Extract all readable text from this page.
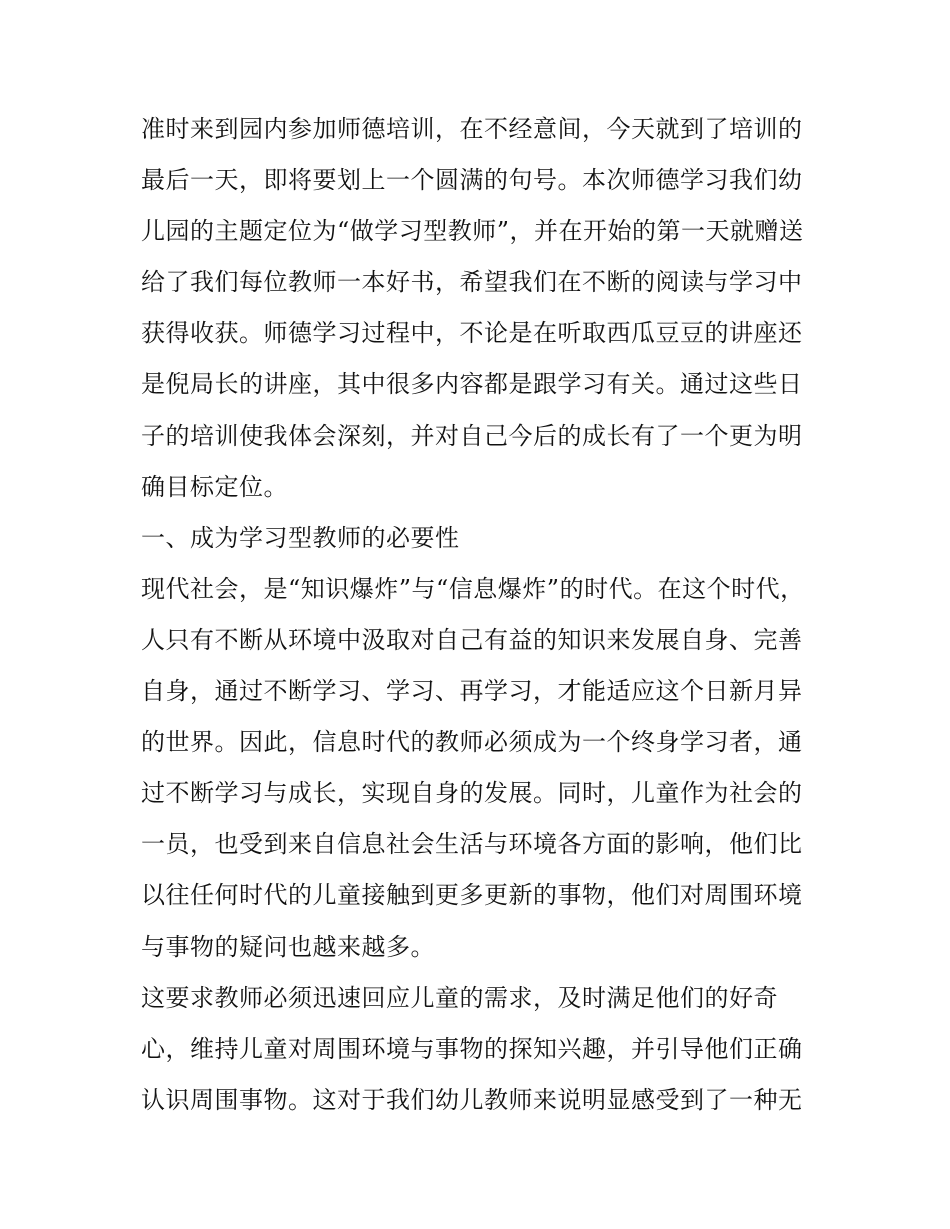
准时来到园内参加师德培训，在不经意间，今天就到了培训的
最后一天，即将要划上一个圆满的句号。本次师德学习我们幼
儿园的主题定位为“做学习型教师”，并在开始的第一天就赠送
给了我们每位教师一本好书，希望我们在不断的阅读与学习中
获得收获。师德学习过程中，不论是在听取西瓜豆豆的讲座还
是倪局长的讲座，其中很多内容都是跟学习有关。通过这些日
子的培训使我体会深刻，并对自己今后的成长有了一个更为明
确目标定位。
一、成为学习型教师的必要性
现代社会，是“知识爆炸”与“信息爆炸”的时代。在这个时代，
人只有不断从环境中汲取对自己有益的知识来发展自身、完善
自身，通过不断学习、学习、再学习，才能适应这个日新月异
的世界。因此，信息时代的教师必须成为一个终身学习者，通
过不断学习与成长，实现自身的发展。同时，儿童作为社会的
一员，也受到来自信息社会生活与环境各方面的影响，他们比
以往任何时代的儿童接触到更多更新的事物，他们对周围环境
与事物的疑问也越来越多。
这要求教师必须迅速回应儿童的需求，及时满足他们的好奇
心，维持儿童对周围环境与事物的探知兴趣，并引导他们正确
认识周围事物。这对于我们幼儿教师来说明显感受到了一种无
